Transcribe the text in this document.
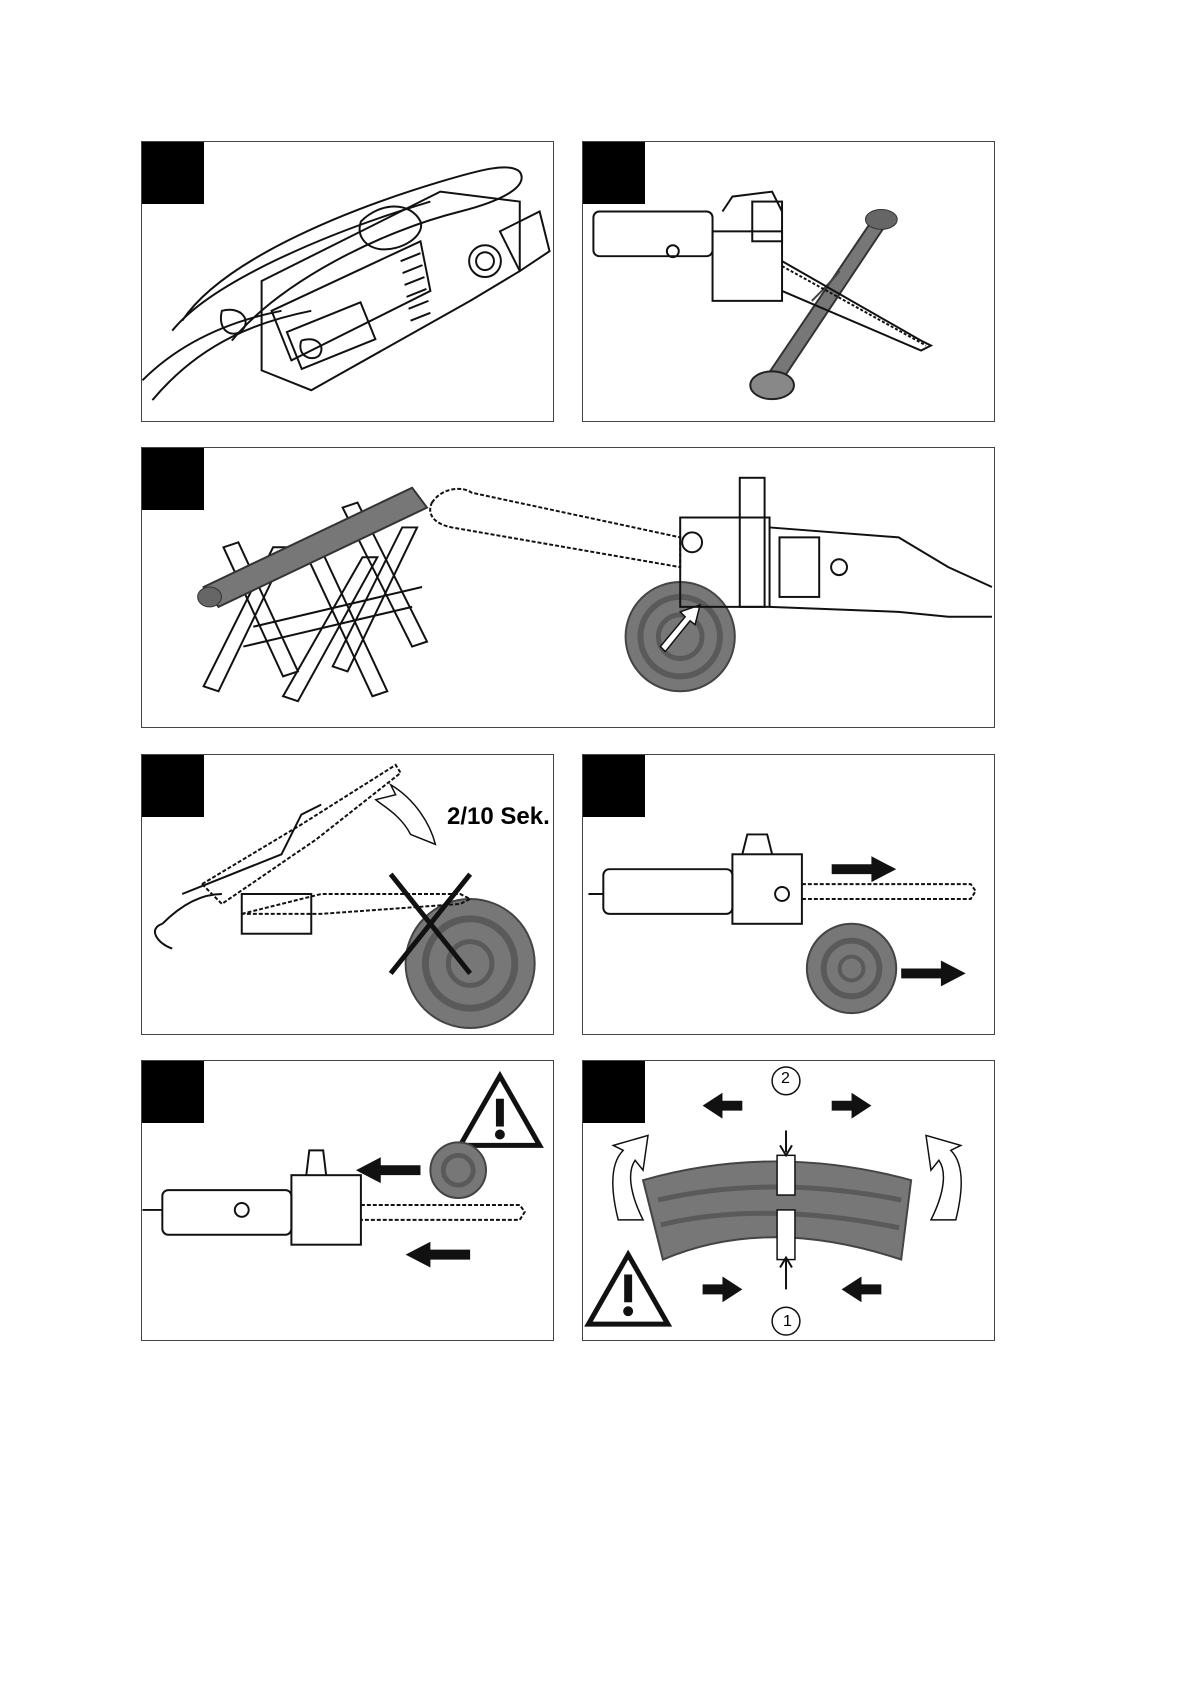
2/10 Sek.
2
1
